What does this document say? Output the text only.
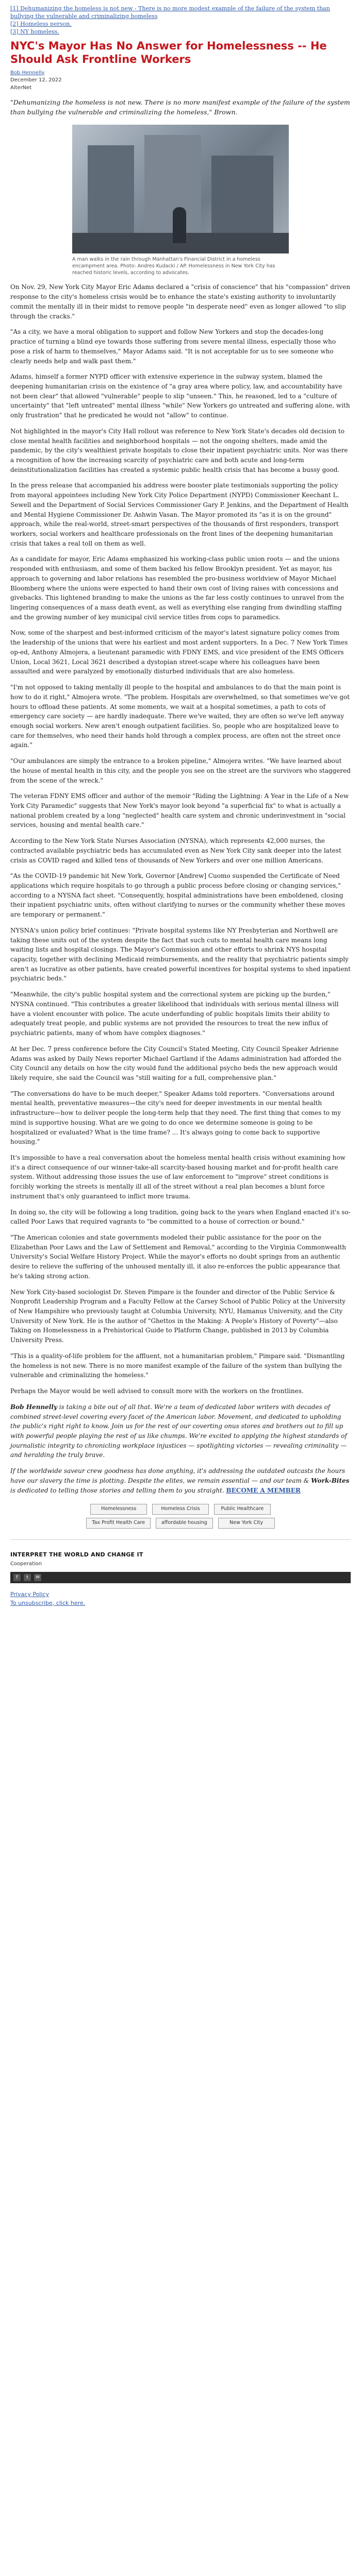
[1] Dehumanizing the homeless is not new - There is no more modest example of the failure of the system than bullying the vulnerable and criminalizing homeless
[2] Homeless person.
[3] NY homeless.
NYC's Mayor Has No Answer for Homelessness -- He Should Ask Frontline Workers
Bob Hennelly
December 12, 2022
AlterNet

"Dehumanizing the homeless is not new. There is no more manifest example of the failure of the system than bullying the vulnerable and criminalizing the homeless," Brown.

A man walks in the rain through Manhattan's Financial District in a homeless encampment area. Photo: Andres Kudacki / AP. Homelessness in New York City has reached historic levels, according to advocates.

On Nov. 29, New York City Mayor Eric Adams declared a "crisis of conscience" that his "compassion" driven response to the city's homeless crisis would be to enhance the state's existing authority to involuntarily commit the mentally ill in their midst to remove people "in desperate need" even as longer allowed "to slip through the cracks."

"As a city, we have a moral obligation to support and follow New Yorkers and stop the decades-long practice of turning a blind eye towards those suffering from severe mental illness, especially those who pose a risk of harm to themselves," Mayor Adams said. "It is not acceptable for us to see someone who clearly needs help and walk past them."

Adams, himself a former NYPD officer with extensive experience in the subway system, blamed the deepening humanitarian crisis on the existence of "a gray area where policy, law, and accountability have not been clear" that allowed "vulnerable" people to slip "unseen." This, he reasoned, led to a "culture of uncertainty" that "left untreated" mental illness "while" New Yorkers go untreated and suffering alone, with only frustration" that he predicated he would not "allow" to continue.

Not highlighted in the mayor's City Hall rollout was reference to New York State's decades old decision to close mental health facilities and neighborhood hospitals — not the ongoing shelters, made amid the pandemic, by the city's wealthiest private hospitals to close their inpatient psychiatric units. Nor was there a recognition of how the increasing scarcity of psychiatric care and both acute and long-term deinstitutionalization facilities has created a systemic public health crisis that has become a bussy good.

In the press release that accompanied his address were booster plate testimonials supporting the policy from mayoral appointees including New York City Police Department (NYPD) Commissioner Keechant L. Sewell and the Department of Social Services Commissioner Gary P. Jenkins, and the Department of Health and Mental Hygiene Commissioner Dr. Ashwin Vasan. The Mayor promoted its "as it is on the ground" approach, while the real-world, street-smart perspectives of the thousands of first responders, transport workers, social workers and healthcare professionals on the front lines of the deepening humanitarian crisis that takes a real toll on them as well.

As a candidate for mayor, Eric Adams emphasized his working-class public union roots — and the unions responded with enthusiasm, and some of them backed his fellow Brooklyn president. Yet as mayor, his approach to governing and labor relations has resembled the pro-business worldview of Mayor Michael Bloomberg where the unions were expected to hand their own cost of living raises with concessions and givebacks. This lightened branding to make the unions as the far less costly continues to unravel from the lingering consequences of a mass death event, as well as everything else ranging from dwindling staffing and the growing number of key municipal civil service titles from cops to paramedics.

Now, some of the sharpest and best-informed criticism of the mayor's latest signature policy comes from the leadership of the unions that were his earliest and most ardent supporters. In a Dec. 7 New York Times op-ed, Anthony Almojera, a lieutenant paramedic with FDNY EMS, and vice president of the EMS Officers Union, Local 3621, Local 3621 described a dystopian street-scape where his colleagues have been assaulted and were paralyzed by emotionally disturbed individuals that are also homeless.

"I'm not opposed to taking mentally ill people to the hospital and ambulances to do that the main point is how to do it right," Almojera wrote. "The problem. Hospitals are overwhelmed, so that sometimes we've got hours to offload these patients. At some moments, we wait at a hospital sometimes, a path to cots of emergency care society — are hardly inadequate. There we've waited, they are often so we've left anyway enough social workers. New aren't enough outpatient facilities. So, people who are hospitalized leave to care for themselves, who need their hands hold through a complex process, are often not the street once again."

"Our ambulances are simply the entrance to a broken pipeline," Almojera writes. "We have learned about the house of mental health in this city, and the people you see on the street are the survivors who staggered from the scene of the wreck."

The veteran FDNY EMS officer and author of the memoir "Riding the Lightning: A Year in the Life of a New York City Paramedic" suggests that New York's mayor look beyond "a superficial fix" to what is actually a national problem created by a long "neglected" health care system and chronic underinvestment in "social services, housing and mental health care."

According to the New York State Nurses Association (NYSNA), which represents 42,000 nurses, the contracted available psychiatric beds has accumulated even as New York City sank deeper into the latest crisis as COVID raged and killed tens of thousands of New Yorkers and over one million Americans.

"As the COVID-19 pandemic hit New York, Governor [Andrew] Cuomo suspended the Certificate of Need applications which require hospitals to go through a public process before closing or changing services," according to a NYSNA fact sheet. "Consequently, hospital administrations have been emboldened, closing their inpatient psychiatric units, often without clarifying to nurses or the community whether these moves are temporary or permanent."

NYSNA's union policy brief continues: "Private hospital systems like NY Presbyterian and Northwell are taking these units out of the system despite the fact that such cuts to mental health care means long waiting lists and hospital closings. The Mayor's Commission and other efforts to shrink NYS hospital capacity, together with declining Medicaid reimbursements, and the reality that psychiatric patients simply aren't as lucrative as other patients, have created powerful incentives for hospital systems to shed inpatient psychiatric beds."

"Meanwhile, the city's public hospital system and the correctional system are picking up the burden," NYSNA continued. "This contributes a greater likelihood that individuals with serious mental illness will have a violent encounter with police. The acute underfunding of public hospitals limits their ability to adequately treat people, and public systems are not provided the resources to treat the new influx of psychiatric patients, many of whom have complex diagnoses."

At her Dec. 7 press conference before the City Council's Stated Meeting, City Council Speaker Adrienne Adams was asked by Daily News reporter Michael Gartland if the Adams administration had afforded the City Council any details on how the city would fund the additional psycho beds the new approach would likely require, she said the Council was "still waiting for a full, comprehensive plan."

"The conversations do have to be much deeper," Speaker Adams told reporters. "Conversations around mental health, preventative measures—the city's need for deeper investments in our mental health infrastructure—how to deliver people the long-term help that they need. The first thing that comes to my mind is supportive housing. What are we going to do once we determine someone is going to be hospitalized or evaluated? What is the time frame? ... It's always going to come back to supportive housing."

It's impossible to have a real conversation about the homeless mental health crisis without examining how it's a direct consequence of our winner-take-all scarcity-based housing market and for-profit health care system. Without addressing those issues the use of law enforcement to "improve" street conditions is forcibly working the streets is mentally ill all of the street without a real plan becomes a blunt force instrument that's only guaranteed to inflict more trauma.

In doing so, the city will be following a long tradition, going back to the years when England enacted it's so-called Poor Laws that required vagrants to "be committed to a house of correction or bound."

"The American colonies and state governments modeled their public assistance for the poor on the Elizabethan Poor Laws and the Law of Settlement and Removal," according to the Virginia Commonwealth University's Social Welfare History Project. While the mayor's efforts no doubt springs from an authentic desire to relieve the suffering of the unhoused mentally ill, it also re-enforces the public appearance that he's taking strong action.

New York City-based sociologist Dr. Steven Pimpare is the founder and director of the Public Service & Nonprofit Leadership Program and a Faculty Fellow at the Carsey School of Public Policy at the University of New Hampshire who previously taught at Columbia University, NYU, Hamanus University, and the City University of New York. He is the author of "Ghettos in the Making: A People's History of Poverty"—also Taking on Homelessness in a Prehistorical Guide to Platform Change, published in 2013 by Columbia University Press.

"This is a quality-of-life problem for the affluent, not a humanitarian problem," Pimpare said. "Dismantling the homeless is not new. There is no more manifest example of the failure of the system than bullying the vulnerable and criminalizing the homeless."

Perhaps the Mayor would be well advised to consult more with the workers on the frontlines.

Bob Hennelly is taking a bite out of all that. We're a team of dedicated labor writers with decades of combined street-level covering every facet of the American labor. Movement, and dedicated to upholding the public's right right to know. Join us for the rest of our coverting onus stores and brothers out to fill up with powerful people playing the rest of us like chumps. We're excited to applying the highest standards of journalistic integrity to chronicling workplace injustices — spotlighting victories — revealing criminality — and heralding the truly brave.

If the worldwide saveur crew goodness has done anything, it's addressing the outdated outcasts the hours have our slavery the time is plotting. Despite the elites, we remain essential — and our team & Work-Bites is dedicated to telling those stories and telling them to you straight. BECOME A MEMBER

Homelessness	Homeless Crisis	Public Healthcare
Tax Profit Health Care	affordable housing	New York City
INTERPRET THE WORLD AND CHANGE IT
Cooperation
f	t	✉
Privacy Policy
To unsubscribe, click here.
